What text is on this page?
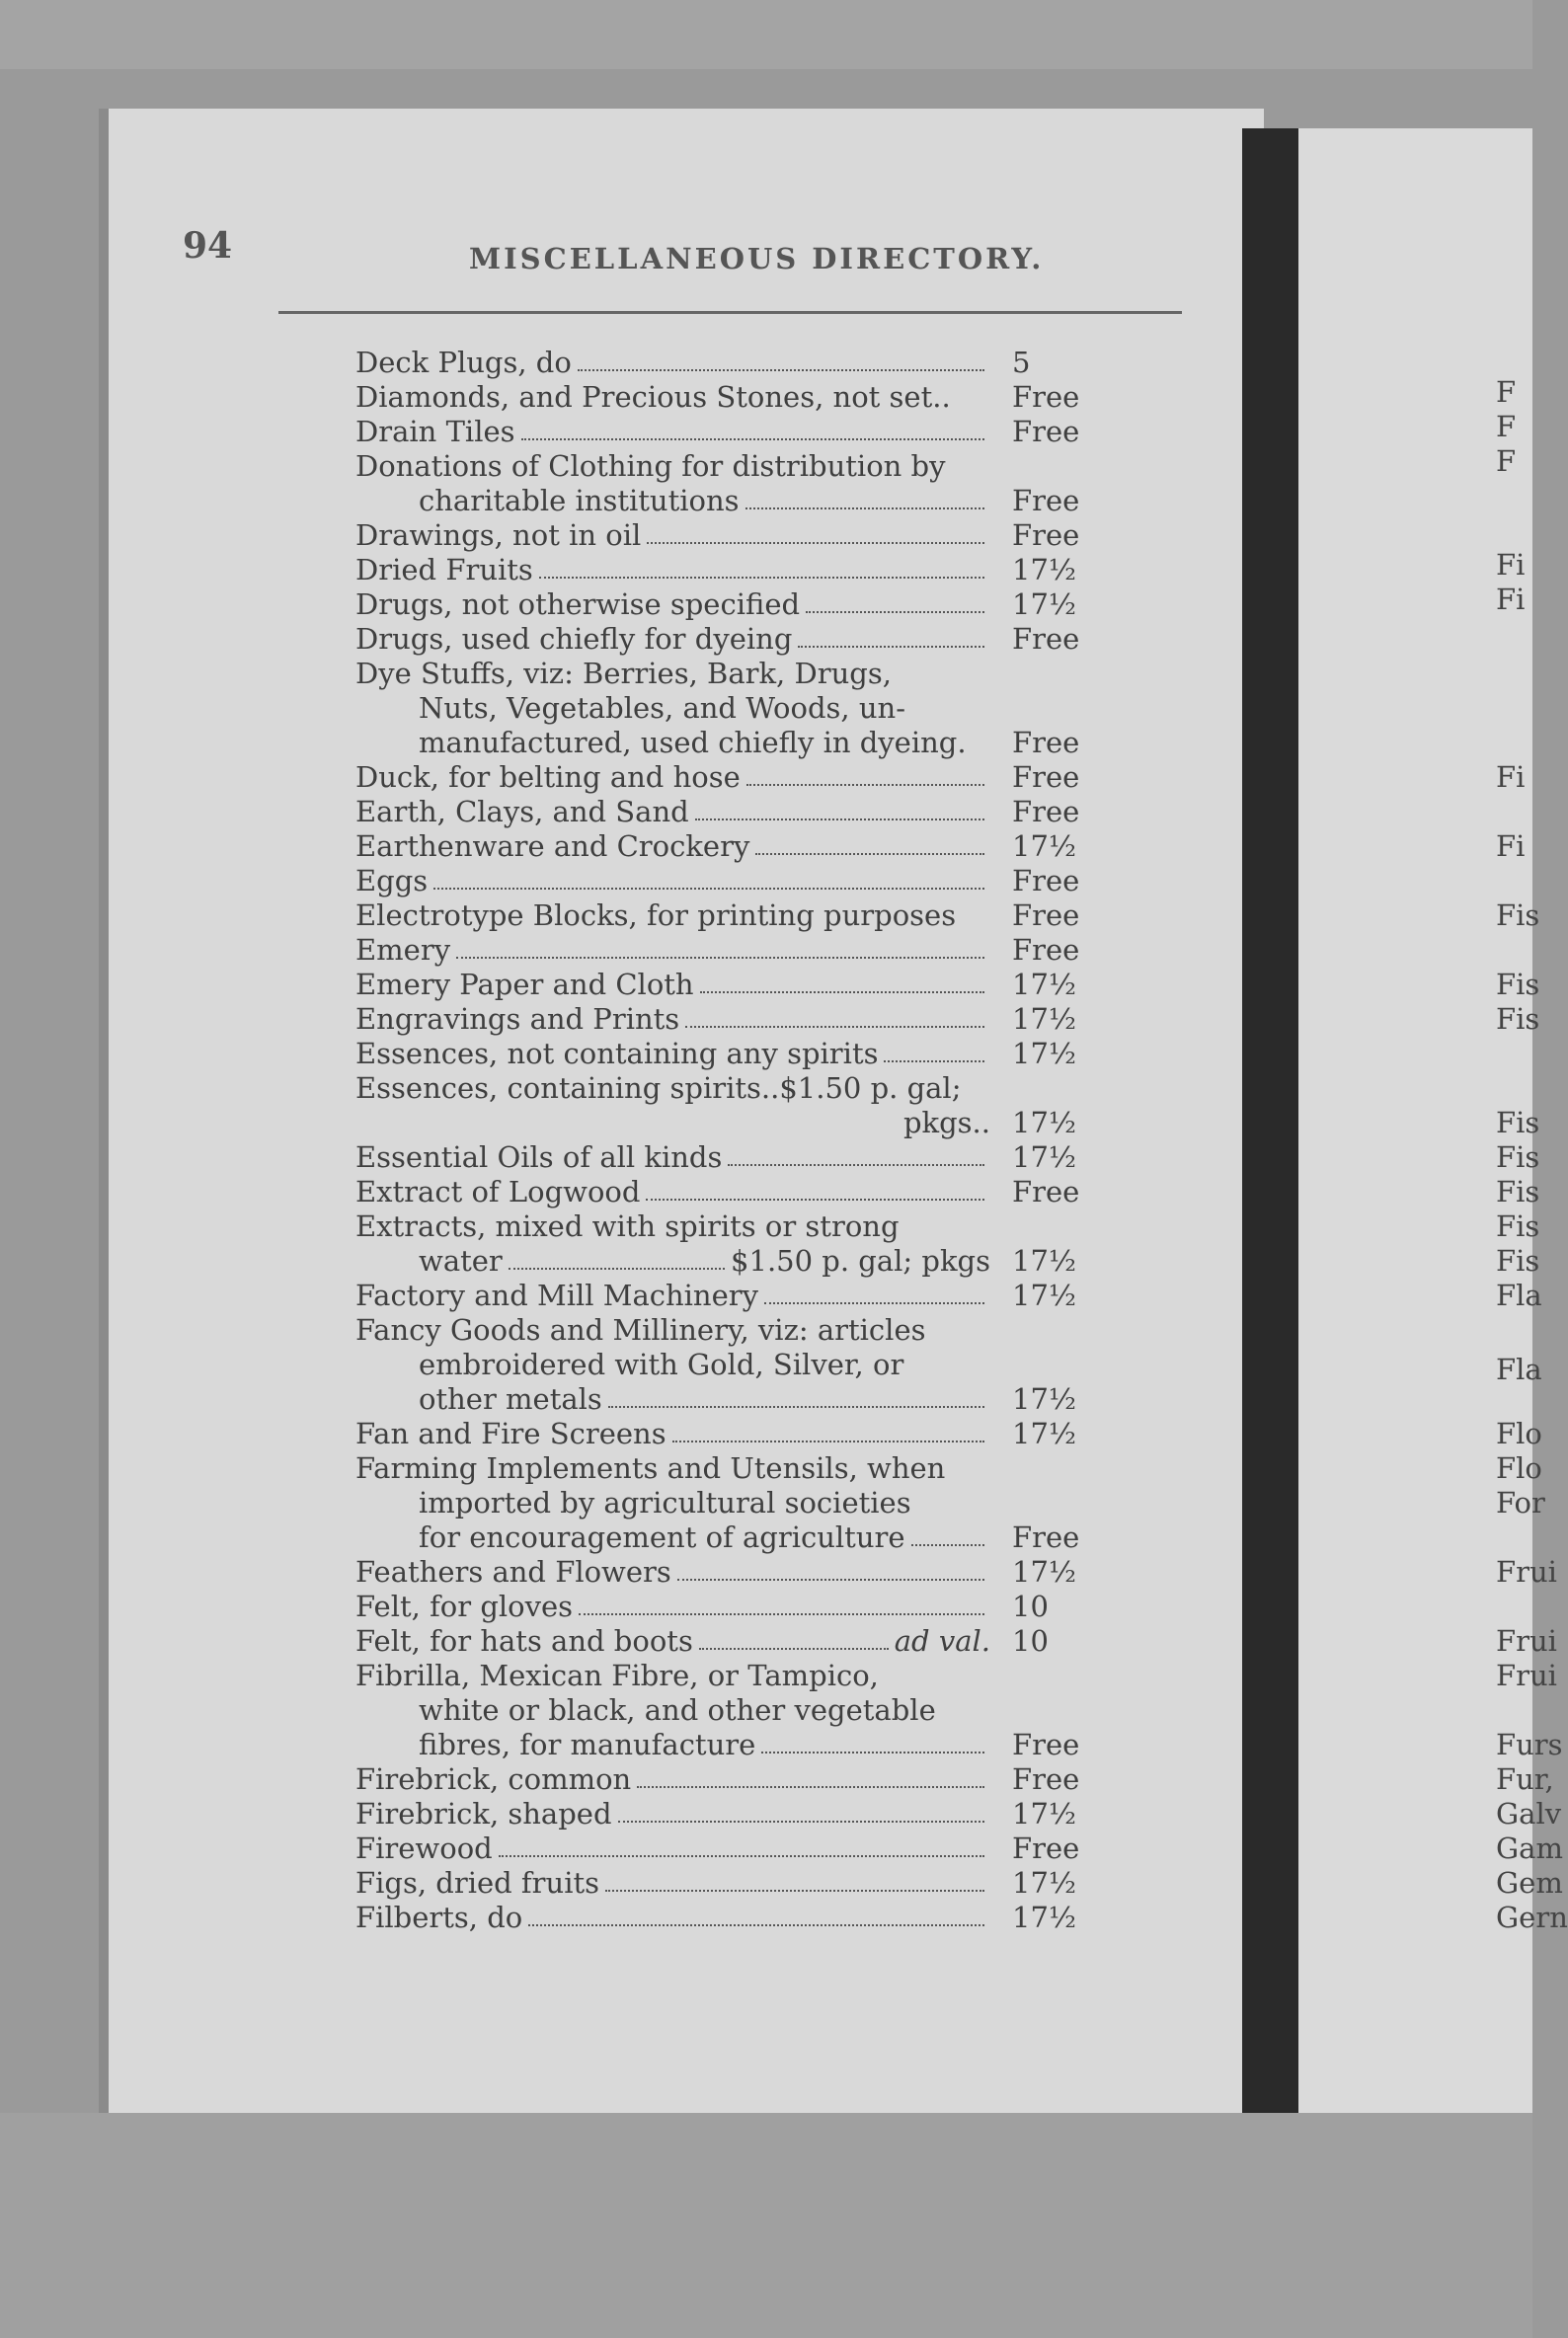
94	MISCELLANEOUS DIRECTORY.
Deck Plugs, do	5
Diamonds, and Precious Stones, not set..	Free
Drain Tiles	Free
Donations of Clothing for distribution by
charitable institutions	Free
Drawings, not in oil	Free
Dried Fruits	17½
Drugs, not otherwise specified	17½
Drugs, used chiefly for dyeing	Free
Dye Stuffs, viz: Berries, Bark, Drugs,
Nuts, Vegetables, and Woods, un-
manufactured, used chiefly in dyeing.	Free
Duck, for belting and hose	Free
Earth, Clays, and Sand	Free
Earthenware and Crockery	17½
Eggs	Free
Electrotype Blocks, for printing purposes	Free
Emery	Free
Emery Paper and Cloth	17½
Engravings and Prints	17½
Essences, not containing any spirits	17½
Essences, containing spirits..$1.50 p. gal;
pkgs.. 17½
Essential Oils of all kinds	17½
Extract of Logwood	Free
Extracts, mixed with spirits or strong
water	$1.50 p. gal; pkgs 17½
Factory and Mill Machinery	17½
Fancy Goods and Millinery, viz: articles
embroidered with Gold, Silver, or
other metals	17½
Fan and Fire Screens	17½
Farming Implements and Utensils, when
imported by agricultural societies
for encouragement of agriculture	Free
Feathers and Flowers	17½
Felt, for gloves	10
Felt, for hats and boots	ad val. 10
Fibrilla, Mexican Fibre, or Tampico,
white or black, and other vegetable
fibres, for manufacture	Free
Firebrick, common	Free
Firebrick, shaped	17½
Firewood	Free
Figs, dried fruits	17½
Filberts, do	17½
F
F
F
Fi
Fi
Fi
Fi
Fis
Fis
Fis
Fis
Fis
Fis
Fis
Fis
Fla
Fla
Flo
Flo
For
Frui
Frui
Frui
Furs
Fur,
Galv
Gam
Gem
Gern
